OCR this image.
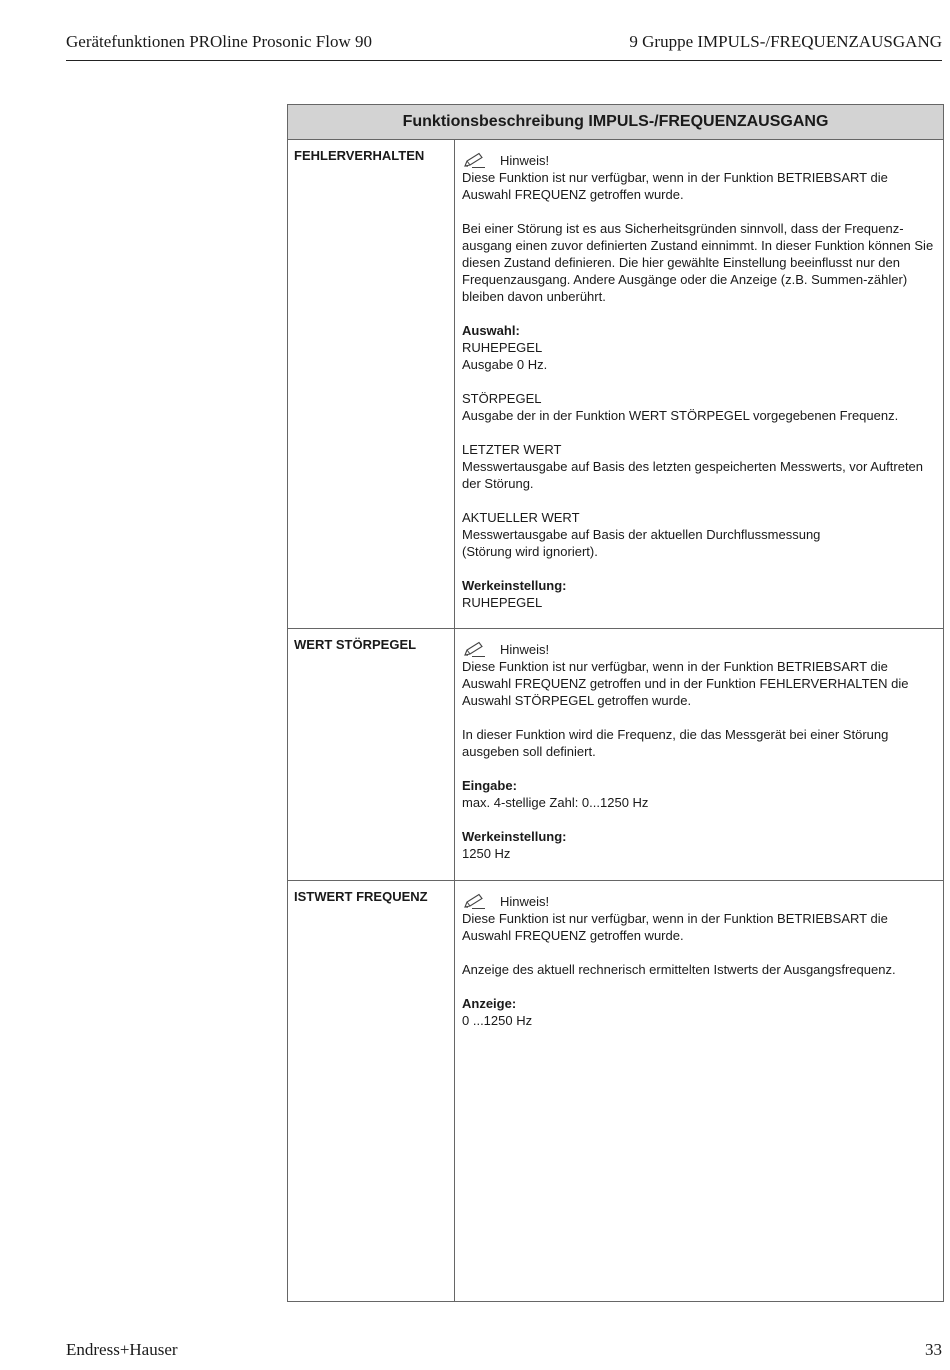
Gerätefunktionen PROline Prosonic Flow 90	9 Gruppe IMPULS-/FREQUENZAUSGANG
Funktionsbeschreibung IMPULS-/FREQUENZAUSGANG
FEHLERVERHALTEN	Hinweis!
Diese Funktion ist nur verfügbar, wenn in der Funktion BETRIEBSART die Auswahl FREQUENZ getroffen wurde.
Bei einer Störung ist es aus Sicherheitsgründen sinnvoll, dass der Frequenz-ausgang einen zuvor definierten Zustand einnimmt. In dieser Funktion können Sie diesen Zustand definieren. Die hier gewählte Einstellung beeinflusst nur den Frequenzausgang. Andere Ausgänge oder die Anzeige (z.B. Summen-zähler) bleiben davon unberührt.
Auswahl:
RUHEPEGEL
Ausgabe 0 Hz.
STÖRPEGEL
Ausgabe der in der Funktion WERT STÖRPEGEL vorgegebenen Frequenz.
LETZTER WERT
Messwertausgabe auf Basis des letzten gespeicherten Messwerts, vor Auftreten der Störung.
AKTUELLER WERT
Messwertausgabe auf Basis der aktuellen Durchflussmessung
(Störung wird ignoriert).
Werkeinstellung:
RUHEPEGEL
WERT STÖRPEGEL	Hinweis!
Diese Funktion ist nur verfügbar, wenn in der Funktion BETRIEBSART die Auswahl FREQUENZ getroffen und in der Funktion FEHLERVERHALTEN die Auswahl STÖRPEGEL getroffen wurde.
In dieser Funktion wird die Frequenz, die das Messgerät bei einer Störung ausgeben soll definiert.
Eingabe:
max. 4-stellige Zahl: 0...1250 Hz
Werkeinstellung:
1250 Hz
ISTWERT FREQUENZ	Hinweis!
Diese Funktion ist nur verfügbar, wenn in der Funktion BETRIEBSART die Auswahl FREQUENZ getroffen wurde.
Anzeige des aktuell rechnerisch ermittelten Istwerts der Ausgangsfrequenz.
Anzeige:
0 ...1250 Hz
Endress+Hauser	33
